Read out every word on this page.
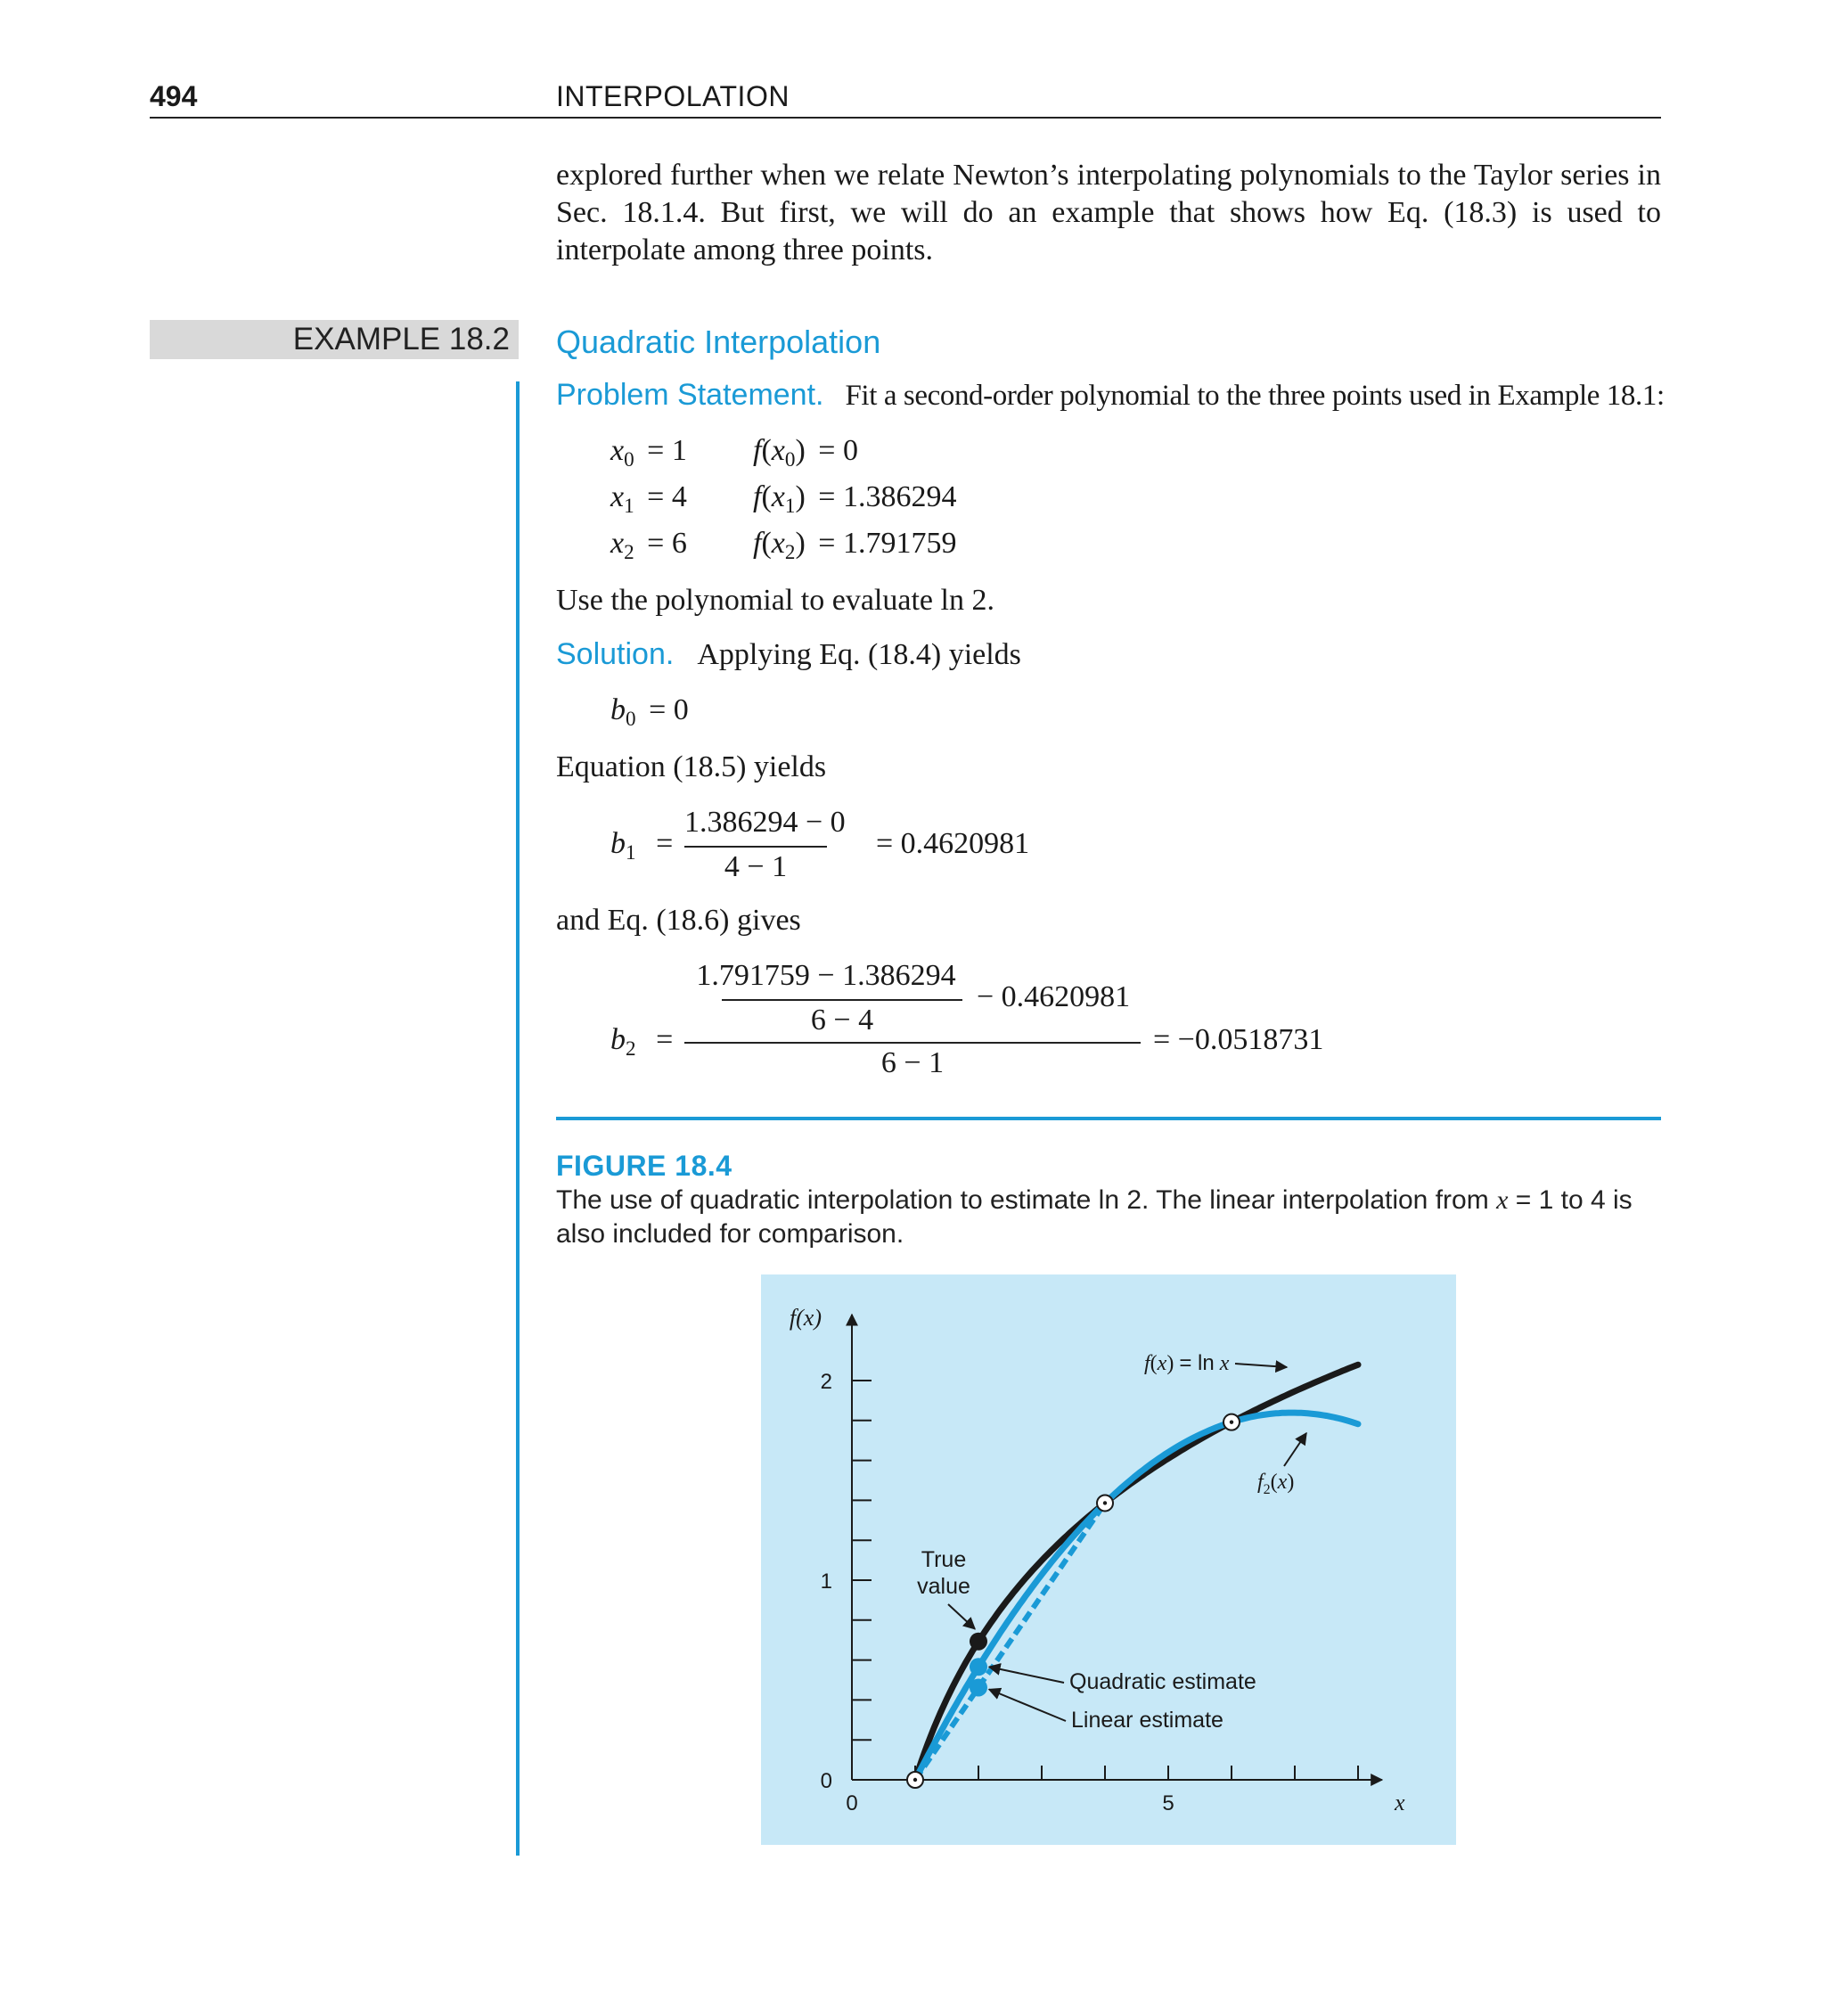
494	INTERPOLATION
explored further when we relate Newton’s interpolating polynomials to the Taylor series in Sec. 18.1.4. But first, we will do an example that shows how Eq. (18.3) is used to interpolate among three points.
EXAMPLE 18.2 Quadratic Interpolation
Problem Statement. Fit a second-order polynomial to the three points used in Example 18.1:
$x_0 = 1$ $f(x_0) = 0$
$x_1 = 4$ $f(x_1) = 1.386294$
$x_2 = 6$ $f(x_2) = 1.791759$
Use the polynomial to evaluate ln 2.
Solution. Applying Eq. (18.4) yields
$b_0 = 0$
Equation (18.5) yields
$b_1$ =
1.386294 − 0
4 − 1
= 0.4620981
and Eq. (18.6) gives
$b_2$ =
1.791759 − 1.386294
6 − 4
− 0.4620981
6 − 1
= −0.0518731
FIGURE 18.4
The use of quadratic interpolation to estimate ln 2. The linear interpolation from x = 1 to 4 is also included for comparison.
0
1
2
0	5	x
f(x)
True
value
Quadratic estimate
Linear estimate
f(x) = ln x
$f_2(x)$
